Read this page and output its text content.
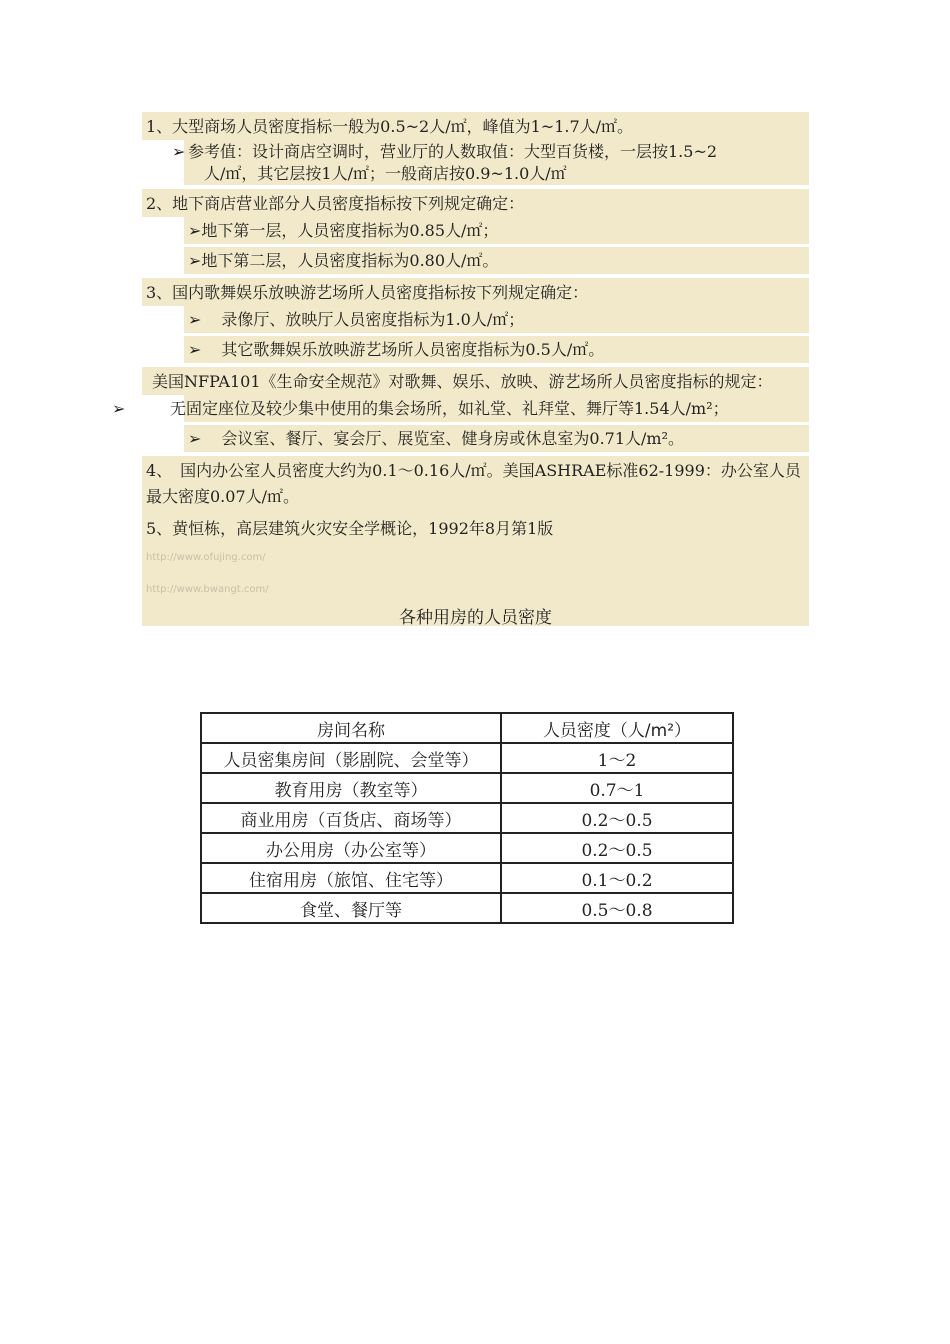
1、大型商场人员密度指标一般为0.5~2人/㎡，峰值为1~1.7人/㎡。
➢ 参考值：设计商店空调时，营业厅的人数取值：大型百货楼，一层按1.5~2
人/㎡，其它层按1人/㎡；一般商店按0.9~1.0人/㎡
2、地下商店营业部分人员密度指标按下列规定确定：
➢地下第一层，人员密度指标为0.85人/㎡；
➢地下第二层，人员密度指标为0.80人/㎡。
3、国内歌舞娱乐放映游艺场所人员密度指标按下列规定确定：
➢ 录像厅、放映厅人员密度指标为1.0人/㎡；
➢ 其它歌舞娱乐放映游艺场所人员密度指标为0.5人/㎡。
美国NFPA101《生命安全规范》对歌舞、娱乐、放映、游艺场所人员密度指标的规定：
➢	无固定座位及较少集中使用的集会场所，如礼堂、礼拜堂、舞厅等1.54人/m²；
➢ 会议室、餐厅、宴会厅、展览室、健身房或休息室为0.71人/m²。
4、　国内办公室人员密度大约为0.1～0.16人/㎡。美国ASHRAE标准62-1999：办公室人员最大密度0.07人/㎡。
5、黄恒栋，高层建筑火灾安全学概论，1992年8月第1版
http://www.ofujing.com/
http://www.bwangt.com/
各种用房的人员密度
房间名称	人员密度（人/m²）
人员密集房间（影剧院、会堂等）	1～2
教育用房（教室等）	0.7～1
商业用房（百货店、商场等）	0.2～0.5
办公用房（办公室等）	0.2～0.5
住宿用房（旅馆、住宅等）	0.1～0.2
食堂、餐厅等	0.5～0.8
